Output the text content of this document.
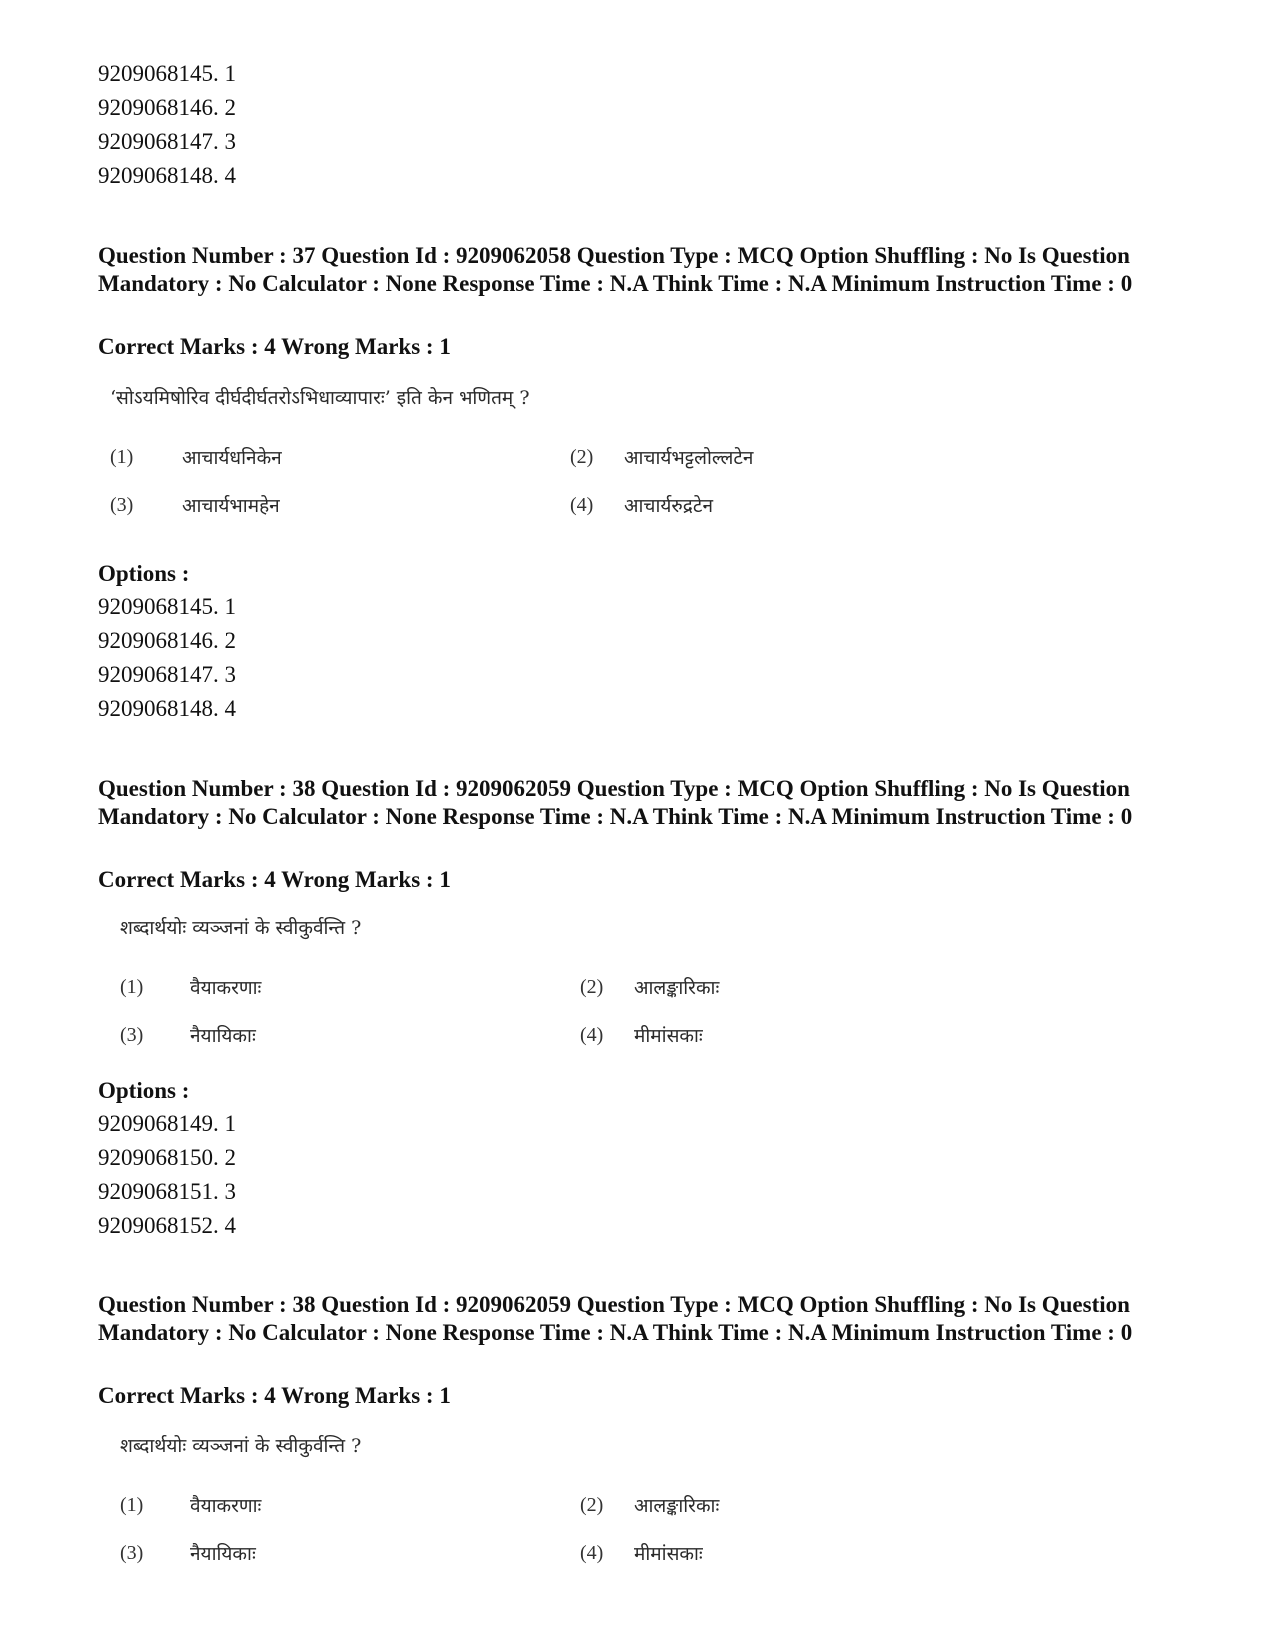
9209068145. 1
9209068146. 2
9209068147. 3
9209068148. 4
Question Number : 37 Question Id : 9209062058 Question Type : MCQ Option Shuffling : No Is Question Mandatory : No Calculator : None Response Time : N.A Think Time : N.A Minimum Instruction Time : 0
Correct Marks : 4 Wrong Marks : 1
‘सोऽयमिषोरिव दीर्घदीर्घतरोऽभिधाव्यापारः’ इति केन भणितम् ?
(1)	आचार्यधनिकेन	(2) आचार्यभट्टलोल्लटेन
(3)	आचार्यभामहेन	(4) आचार्यरुद्रटेन
Options :
9209068145. 1
9209068146. 2
9209068147. 3
9209068148. 4
Question Number : 38 Question Id : 9209062059 Question Type : MCQ Option Shuffling : No Is Question Mandatory : No Calculator : None Response Time : N.A Think Time : N.A Minimum Instruction Time : 0
Correct Marks : 4 Wrong Marks : 1
शब्दार्थयोः व्यञ्जनां के स्वीकुर्वन्ति ?
(1) वैयाकरणाः	(2) आलङ्कारिकाः
(3) नैयायिकाः	(4) मीमांसकाः
Options :
9209068149. 1
9209068150. 2
9209068151. 3
9209068152. 4
Question Number : 38 Question Id : 9209062059 Question Type : MCQ Option Shuffling : No Is Question Mandatory : No Calculator : None Response Time : N.A Think Time : N.A Minimum Instruction Time : 0
Correct Marks : 4 Wrong Marks : 1
शब्दार्थयोः व्यञ्जनां के स्वीकुर्वन्ति ?
(1) वैयाकरणाः	(2) आलङ्कारिकाः
(3) नैयायिकाः	(4) मीमांसकाः
